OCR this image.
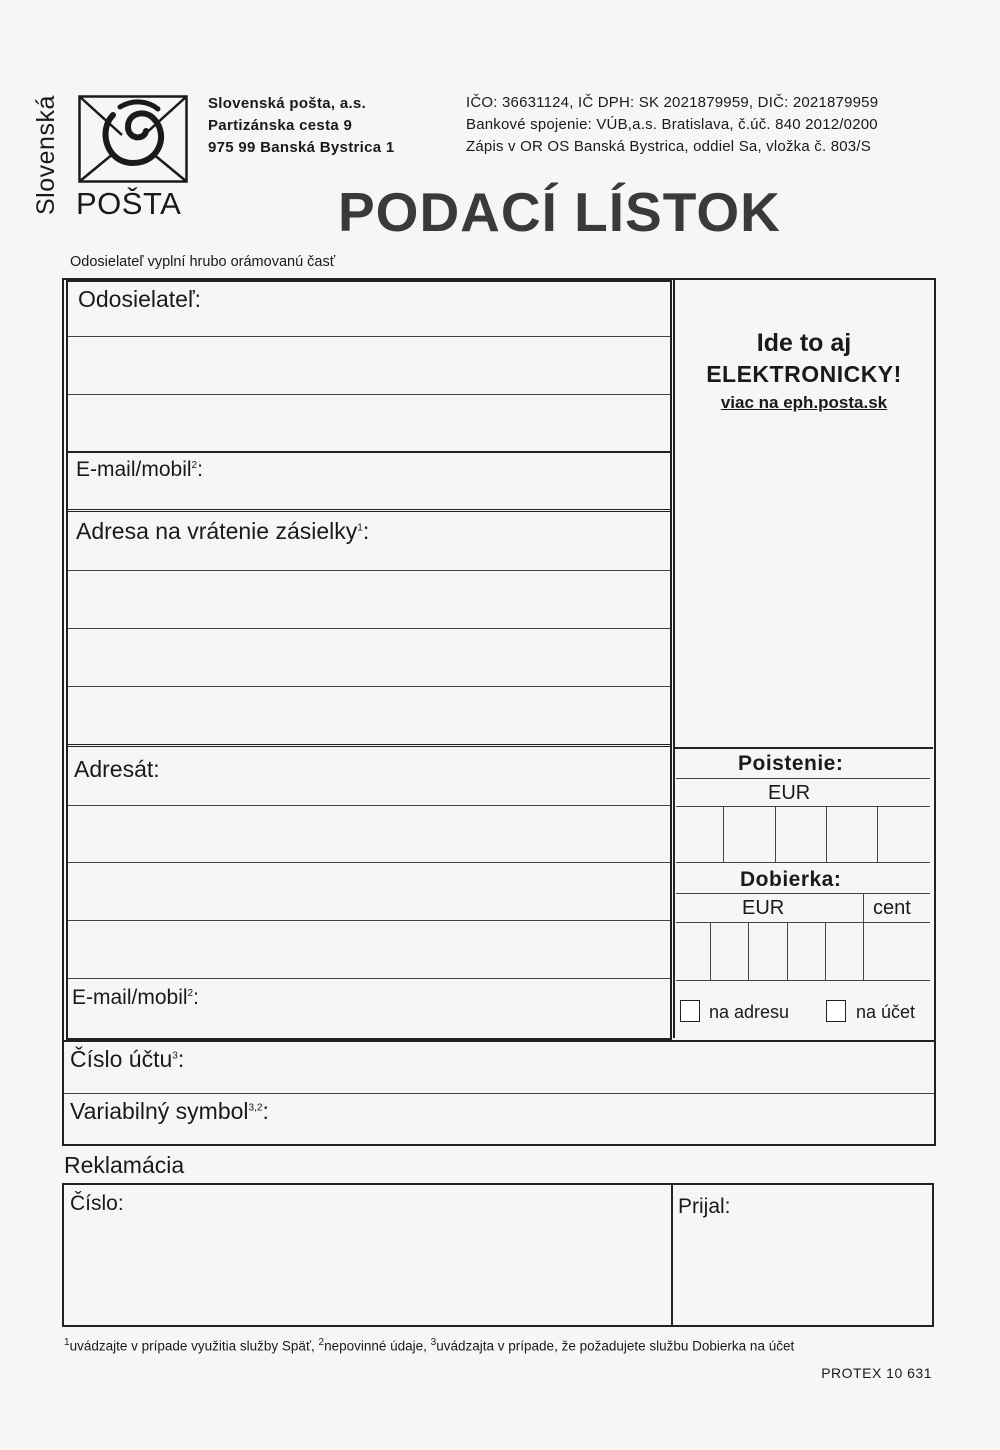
Slovenská POŠTA
Slovenská pošta, a.s.
Partizánska cesta 9
975 99 Banská Bystrica 1
IČO: 36631124, IČ DPH: SK 2021879959, DIČ: 2021879959
Bankové spojenie: VÚB,a.s. Bratislava, č.úč. 840 2012/0200
Zápis v OR OS Banská Bystrica, oddiel Sa, vložka č. 803/S
PODACÍ LÍSTOK
Odosielateľ vyplní hrubo orámovanú časť
Odosielateľ:
E-mail/mobil$^2$:
Adresa na vrátenie zásielky$^1$:
Ide to aj
ELEKTRONICKY!
viac na eph.posta.sk
Adresát:
E-mail/mobil$^2$:
Poistenie:
EUR
Dobierka:
EUR	cent
na adresu	na účet
Číslo účtu$^3$:
Variabilný symbol$^{3,2}$:
Reklamácia
Číslo:	Prijal:
$^1$uvádzajte v prípade využitia služby Späť, $^2$nepovinné údaje, $^3$uvádzajta v prípade, že požadujete službu Dobierka na účet
PROTEX 10 631
